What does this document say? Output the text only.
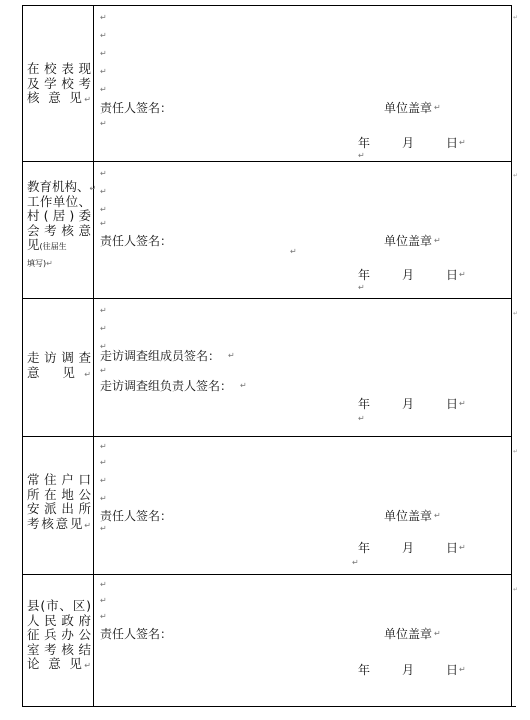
在校表现
及学校考
核 意 见↵
↵
↵
↵
↵
↵
责任人签名：	单位盖章 ↵
↵
年	月	日 ↵
↵
教育机构、↵
工作单位、
村(居)委
会考核意
见(往届生
填写)↵
↵
↵
↵
↵
责任人签名：	单位盖章 ↵
↵
年	月	日 ↵
↵
走访调查
意 见↵
↵
↵
↵
走访调查组成员签名： ↵
↵
走访调查组负责人签名： ↵
年	月	日 ↵
↵
常住户口
所在地公
安派出所
考核意见↵
↵
↵
↵
↵
责任人签名：	单位盖章 ↵
↵
年	月	日 ↵
↵
县(市、区)
人民政府
征兵办公
室考核结
论 意 见↵
↵
↵
↵
责任人签名：	单位盖章 ↵
年	月	日 ↵
↵
↵
↵
↵
↵
